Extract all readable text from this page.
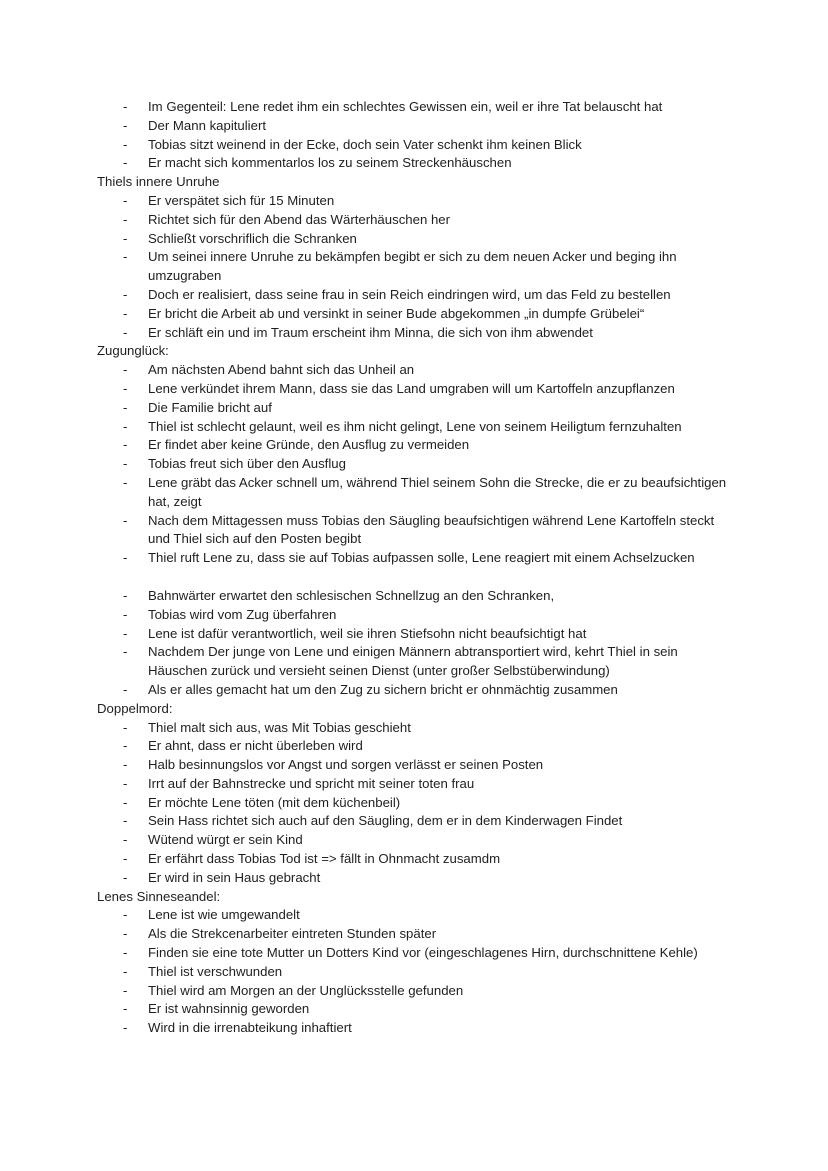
- Im Gegenteil: Lene redet ihm ein schlechtes Gewissen ein, weil er ihre Tat belauscht hat
- Der Mann kapituliert
- Tobias sitzt weinend in der Ecke, doch sein Vater schenkt ihm keinen Blick
- Er macht sich kommentarlos los zu seinem Streckenhäuschen
Thiels innere Unruhe
- Er verspätet sich für 15 Minuten
- Richtet sich für den Abend das Wärterhäuschen her
- Schließt vorschriflich die Schranken
- Um seinei innere Unruhe zu bekämpfen begibt er sich zu dem neuen Acker und beging ihn umzugraben
- Doch er realisiert, dass seine frau in sein Reich eindringen wird, um das Feld zu bestellen
- Er bricht die Arbeit ab und versinkt in seiner Bude abgekommen „in dumpfe Grübelei“
- Er schläft ein und im Traum erscheint ihm Minna, die sich von ihm abwendet
Zugunglück:
- Am nächsten Abend bahnt sich das Unheil an
- Lene verkündet ihrem Mann, dass sie das Land umgraben will um Kartoffeln anzupflanzen
- Die Familie bricht auf
- Thiel ist schlecht gelaunt, weil es ihm nicht gelingt, Lene von seinem Heiligtum fernzuhalten
- Er findet aber keine Gründe, den Ausflug zu vermeiden
- Tobias freut sich über den Ausflug
- Lene gräbt das Acker schnell um, während Thiel seinem Sohn die Strecke, die er zu beaufsichtigen hat, zeigt
- Nach dem Mittagessen muss Tobias den Säugling beaufsichtigen während Lene Kartoffeln steckt und Thiel sich auf den Posten begibt
- Thiel ruft Lene zu, dass sie auf Tobias aufpassen solle, Lene reagiert mit einem Achselzucken
- Bahnwärter erwartet den schlesischen Schnellzug an den Schranken,
- Tobias wird vom Zug überfahren
- Lene ist dafür verantwortlich, weil sie ihren Stiefsohn nicht beaufsichtigt hat
- Nachdem Der junge von Lene und einigen Männern abtransportiert wird, kehrt Thiel in sein Häuschen zurück und versieht seinen Dienst (unter großer Selbstüberwindung)
- Als er alles gemacht hat um den Zug zu sichern bricht er ohnmächtig zusammen
Doppelmord:
- Thiel malt sich aus, was Mit Tobias geschieht
- Er ahnt, dass er nicht überleben wird
- Halb besinnungslos vor Angst und sorgen verlässt er seinen Posten
- Irrt auf der Bahnstrecke und spricht mit seiner toten frau
- Er möchte Lene töten (mit dem küchenbeil)
- Sein Hass richtet sich auch auf den Säugling, dem er in dem Kinderwagen Findet
- Wütend würgt er sein Kind
- Er erfährt dass Tobias Tod ist => fällt in Ohnmacht zusamdm
- Er wird in sein Haus gebracht
Lenes Sinneseandel:
- Lene ist wie umgewandelt
- Als die Strekcenarbeiter eintreten Stunden später
- Finden sie eine tote Mutter un Dotters Kind vor (eingeschlagenes Hirn, durchschnittene Kehle)
- Thiel ist verschwunden
- Thiel wird am Morgen an der Unglücksstelle gefunden
- Er ist wahnsinnig geworden
- Wird in die irrenabteikung inhaftiert
